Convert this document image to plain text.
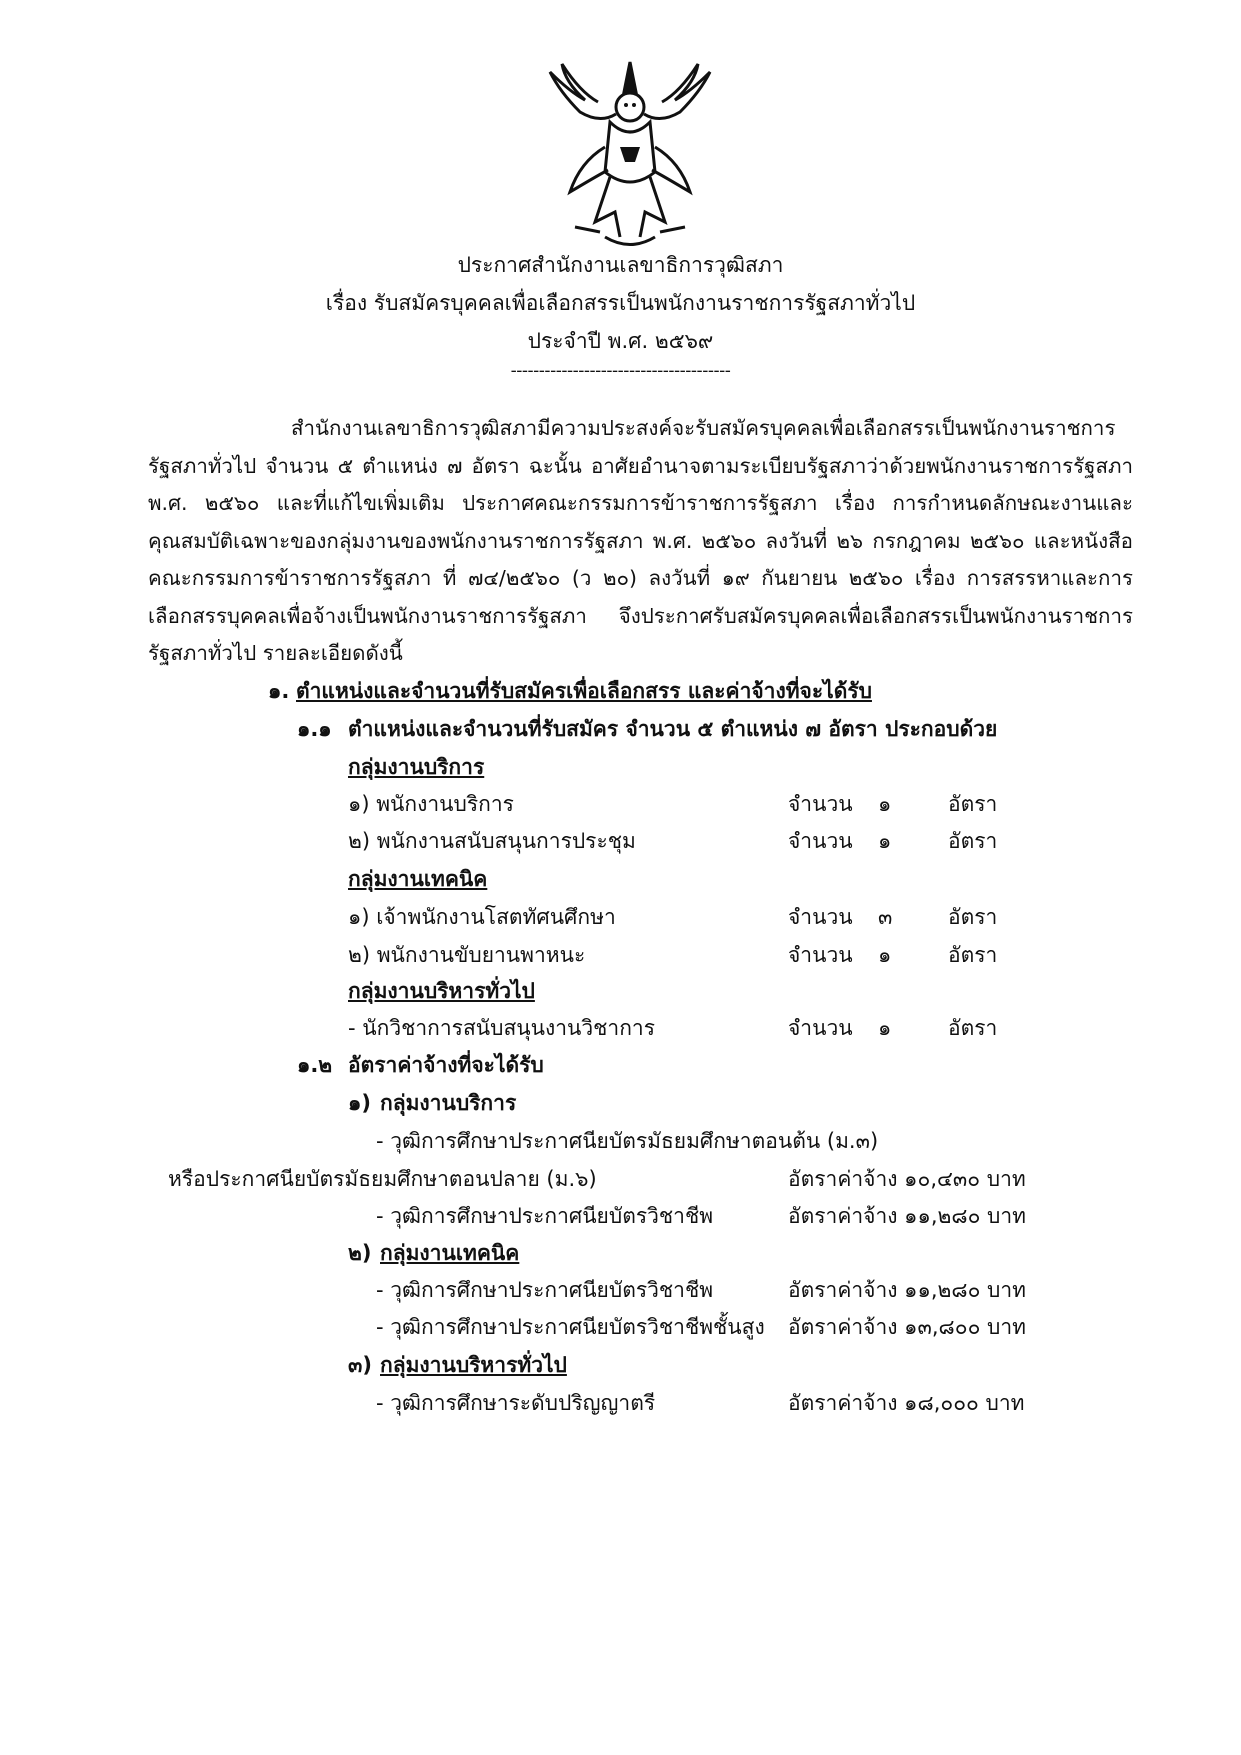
ประกาศสำนักงานเลขาธิการวุฒิสภา
เรื่อง รับสมัครบุคคลเพื่อเลือกสรรเป็นพนักงานราชการรัฐสภาทั่วไป
ประจำปี พ.ศ. ๒๕๖๙
---------------------------------------

สำนักงานเลขาธิการวุฒิสภามีความประสงค์จะรับสมัครบุคคลเพื่อเลือกสรรเป็นพนักงานราชการรัฐสภาทั่วไป จำนวน ๕ ตำแหน่ง ๗ อัตรา ฉะนั้น อาศัยอำนาจตามระเบียบรัฐสภาว่าด้วยพนักงานราชการรัฐสภา พ.ศ. ๒๕๖๐ และที่แก้ไขเพิ่มเติม ประกาศคณะกรรมการข้าราชการรัฐสภา เรื่อง การกำหนดลักษณะงานและคุณสมบัติเฉพาะของกลุ่มงานของพนักงานราชการรัฐสภา พ.ศ. ๒๕๖๐ ลงวันที่ ๒๖ กรกฎาคม ๒๕๖๐ และหนังสือคณะกรรมการข้าราชการรัฐสภา ที่ ๗๔/๒๕๖๐ (ว ๒๐) ลงวันที่ ๑๙ กันยายน ๒๕๖๐ เรื่อง การสรรหาและการเลือกสรรบุคคลเพื่อจ้างเป็นพนักงานราชการรัฐสภา จึงประกาศรับสมัครบุคคลเพื่อเลือกสรรเป็นพนักงานราชการรัฐสภาทั่วไป รายละเอียดดังนี้

๑. ตำแหน่งและจำนวนที่รับสมัครเพื่อเลือกสรร และค่าจ้างที่จะได้รับ
๑.๑ ตำแหน่งและจำนวนที่รับสมัคร จำนวน ๕ ตำแหน่ง ๗ อัตรา ประกอบด้วย
กลุ่มงานบริการ
๑) พนักงานบริการ	จำนวน ๑	อัตรา
๒) พนักงานสนับสนุนการประชุม	จำนวน ๑	อัตรา
กลุ่มงานเทคนิค
๑) เจ้าพนักงานโสตทัศนศึกษา	จำนวน ๓	อัตรา
๒) พนักงานขับยานพาหนะ	จำนวน ๑	อัตรา
กลุ่มงานบริหารทั่วไป
- นักวิชาการสนับสนุนงานวิชาการ	จำนวน ๑	อัตรา
๑.๒ อัตราค่าจ้างที่จะได้รับ
๑) กลุ่มงานบริการ
- วุฒิการศึกษาประกาศนียบัตรมัธยมศึกษาตอนต้น (ม.๓)
หรือประกาศนียบัตรมัธยมศึกษาตอนปลาย (ม.๖)	อัตราค่าจ้าง ๑๐,๔๓๐ บาท
- วุฒิการศึกษาประกาศนียบัตรวิชาชีพ	อัตราค่าจ้าง ๑๑,๒๘๐ บาท
๒) กลุ่มงานเทคนิค
- วุฒิการศึกษาประกาศนียบัตรวิชาชีพ	อัตราค่าจ้าง ๑๑,๒๘๐ บาท
- วุฒิการศึกษาประกาศนียบัตรวิชาชีพชั้นสูง อัตราค่าจ้าง ๑๓,๘๐๐ บาท
๓) กลุ่มงานบริหารทั่วไป
- วุฒิการศึกษาระดับปริญญาตรี	อัตราค่าจ้าง ๑๘,๐๐๐ บาท
